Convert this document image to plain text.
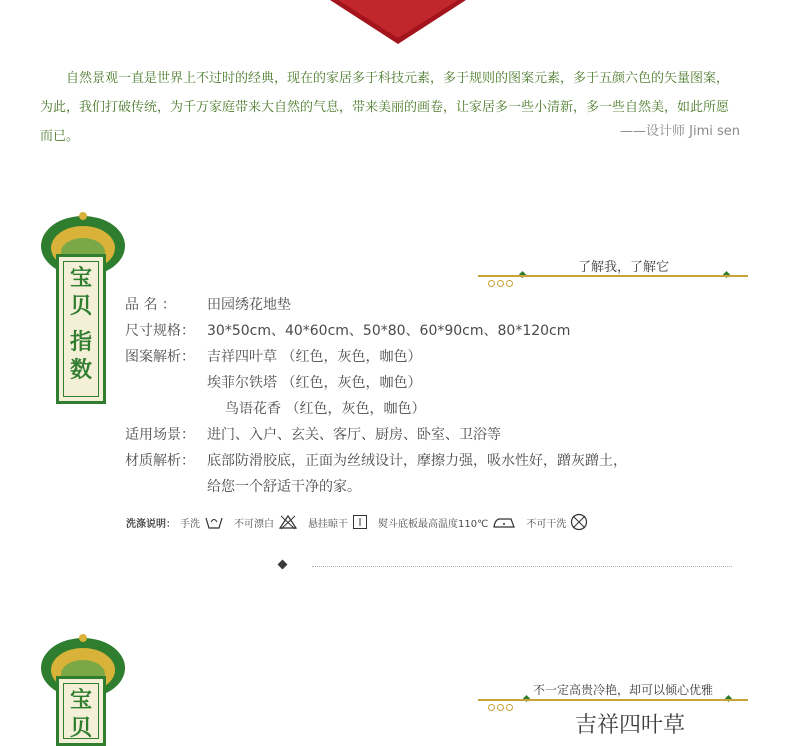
自然景观一直是世界上不过时的经典，现在的家居多于科技元素，多于规则的图案元素，多于五颜六色的矢量图案，为此，我们打破传统，为千万家庭带来大自然的气息，带来美丽的画卷，让家居多一些小清新，多一些自然美，如此所愿而已。	——设计师 Jimi sen
宝
贝
指
数
了解我，了解它
品 名 ： 田园绣花地垫
尺寸规格： 30*50cm、40*60cm、50*80、60*90cm、80*120cm
图案解析： 吉祥四叶草 （红色，灰色，咖色）
埃菲尔铁塔 （红色，灰色，咖色）
鸟语花香 （红色，灰色，咖色）
适用场景： 进门、入户、玄关、客厅、厨房、卧室、卫浴等
材质解析： 底部防滑胶底，正面为丝绒设计，摩擦力强，吸水性好，蹭灰蹭土，
给您一个舒适干净的家。
洗涤说明： 手洗	不可漂白	悬挂晾干	熨斗底板最高温度110℃	不可干洗
宝
贝
不一定高贵冷艳，却可以倾心优雅
吉祥四叶草
